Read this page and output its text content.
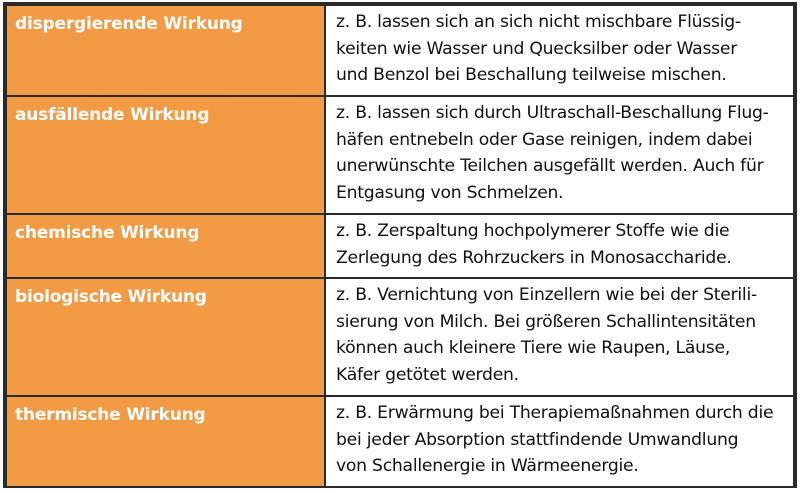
dispergierende Wirkung	z. B. lassen sich an sich nicht mischbare Flüssig-
keiten wie Wasser und Quecksilber oder Wasser
und Benzol bei Beschallung teilweise mischen.

ausfällende Wirkung	z. B. lassen sich durch Ultraschall-Beschallung Flug-
häfen entnebeln oder Gase reinigen, indem dabei
unerwünschte Teilchen ausgefällt werden. Auch für
Entgasung von Schmelzen.

chemische Wirkung	z. B. Zerspaltung hochpolymerer Stoffe wie die
Zerlegung des Rohrzuckers in Monosaccharide.

biologische Wirkung	z. B. Vernichtung von Einzellern wie bei der Sterili-
sierung von Milch. Bei größeren Schallintensitäten
können auch kleinere Tiere wie Raupen, Läuse,
Käfer getötet werden.

thermische Wirkung	z. B. Erwärmung bei Therapiemaßnahmen durch die
bei jeder Absorption stattfindende Umwandlung
von Schallenergie in Wärmeenergie.
